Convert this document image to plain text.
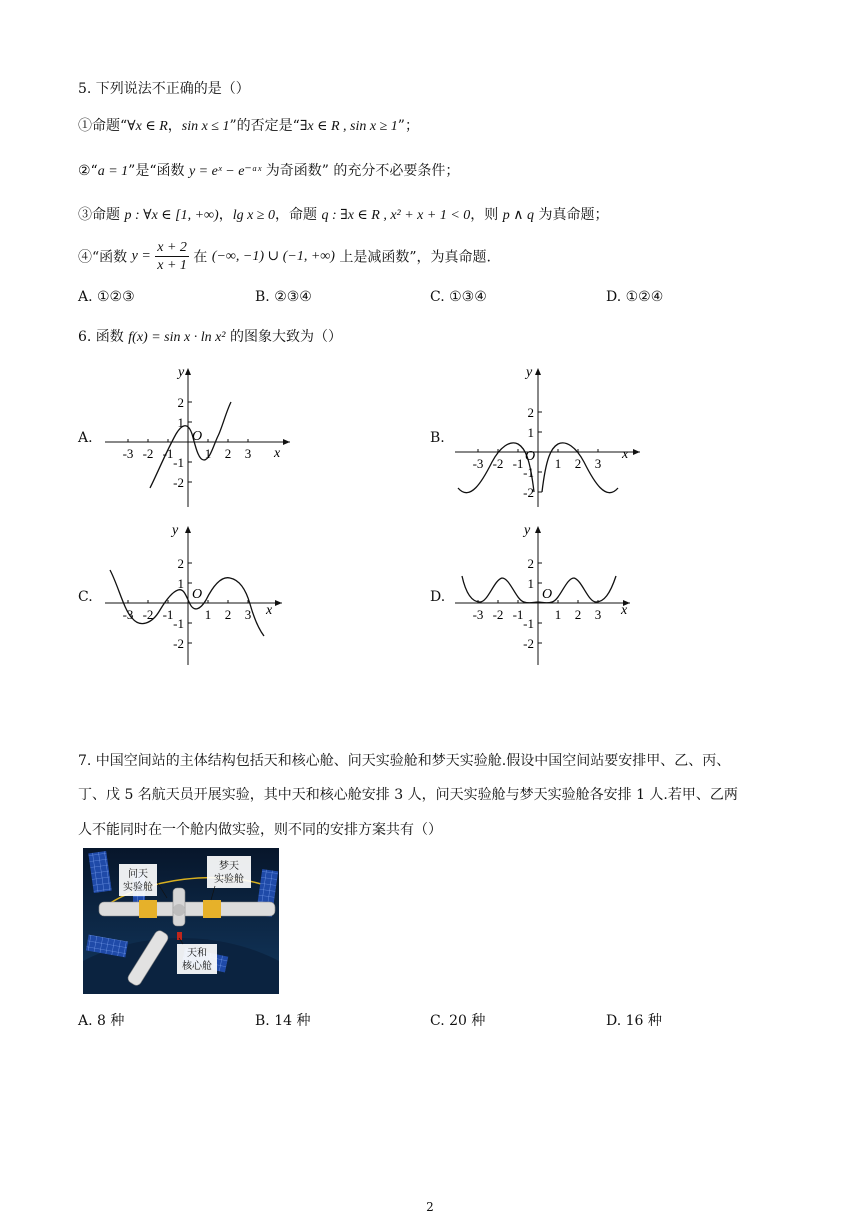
5. 下列说法不正确的是（）
①命题“∀x ∈ R，sin x ≤ 1”的否定是“∃x ∈ R , sin x ≥ 1”；
②“a = 1”是“函数 y = eˣ − e⁻ᵃˣ 为奇函数” 的充分不必要条件；
③命题 p : ∀x ∈ [1, +∞)，lg x ≥ 0，命题 q : ∃x ∈ R , x² + x + 1 < 0，则 p ∧ q 为真命题；
④“函数 $y = \frac{x + 2}{x + 1}$ 在 (−∞, −1) ∪ (−1, +∞) 上是减函数”，为真命题.
A. ①②③	B. ②③④	C. ①③④	D. ①②④
6. 函数 f(x) = sin x · ln x² 的图象大致为（）
A.	B.
C.	D.
y
x
O
-3 -2 -1 1 2 3
2
1
-1
-2
y
x
O
-3 -2 -1 1 2 3
2
1
-1
-2
y
x
O
-3 -2 -1 1 2 3
2
1
-1
-2
y
x
O
-3 -2 -1 1 2 3
2
1
-1
-2
7. 中国空间站的主体结构包括天和核心舱、问天实验舱和梦天实验舱.假设中国空间站要安排甲、乙、丙、
丁、戊 5 名航天员开展实验，其中天和核心舱安排 3 人，问天实验舱与梦天实验舱各安排 1 人.若甲、乙两
人不能同时在一个舱内做实验，则不同的安排方案共有（）
问天
实验舱
梦天
实验舱
天和
核心舱
A. 8 种	B. 14 种	C. 20 种	D. 16 种
2
